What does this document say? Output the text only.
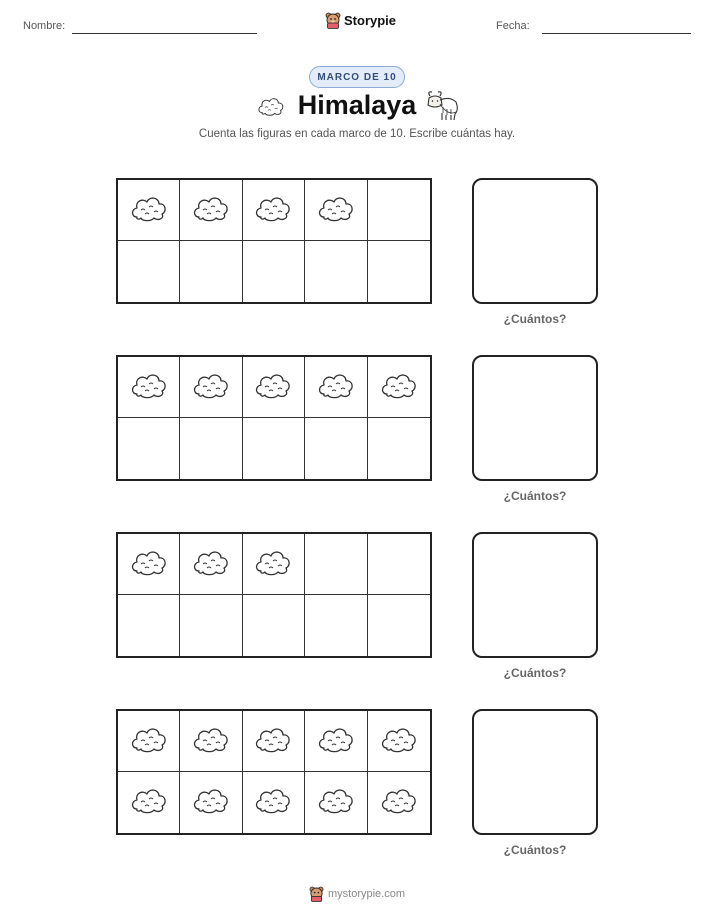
Nombre:	Storypie	Fecha:
MARCO DE 10
Himalaya
Cuenta las figuras en cada marco de 10. Escribe cuántas hay.
¿Cuántos?
¿Cuántos?
¿Cuántos?
¿Cuántos?
mystorypie.com
